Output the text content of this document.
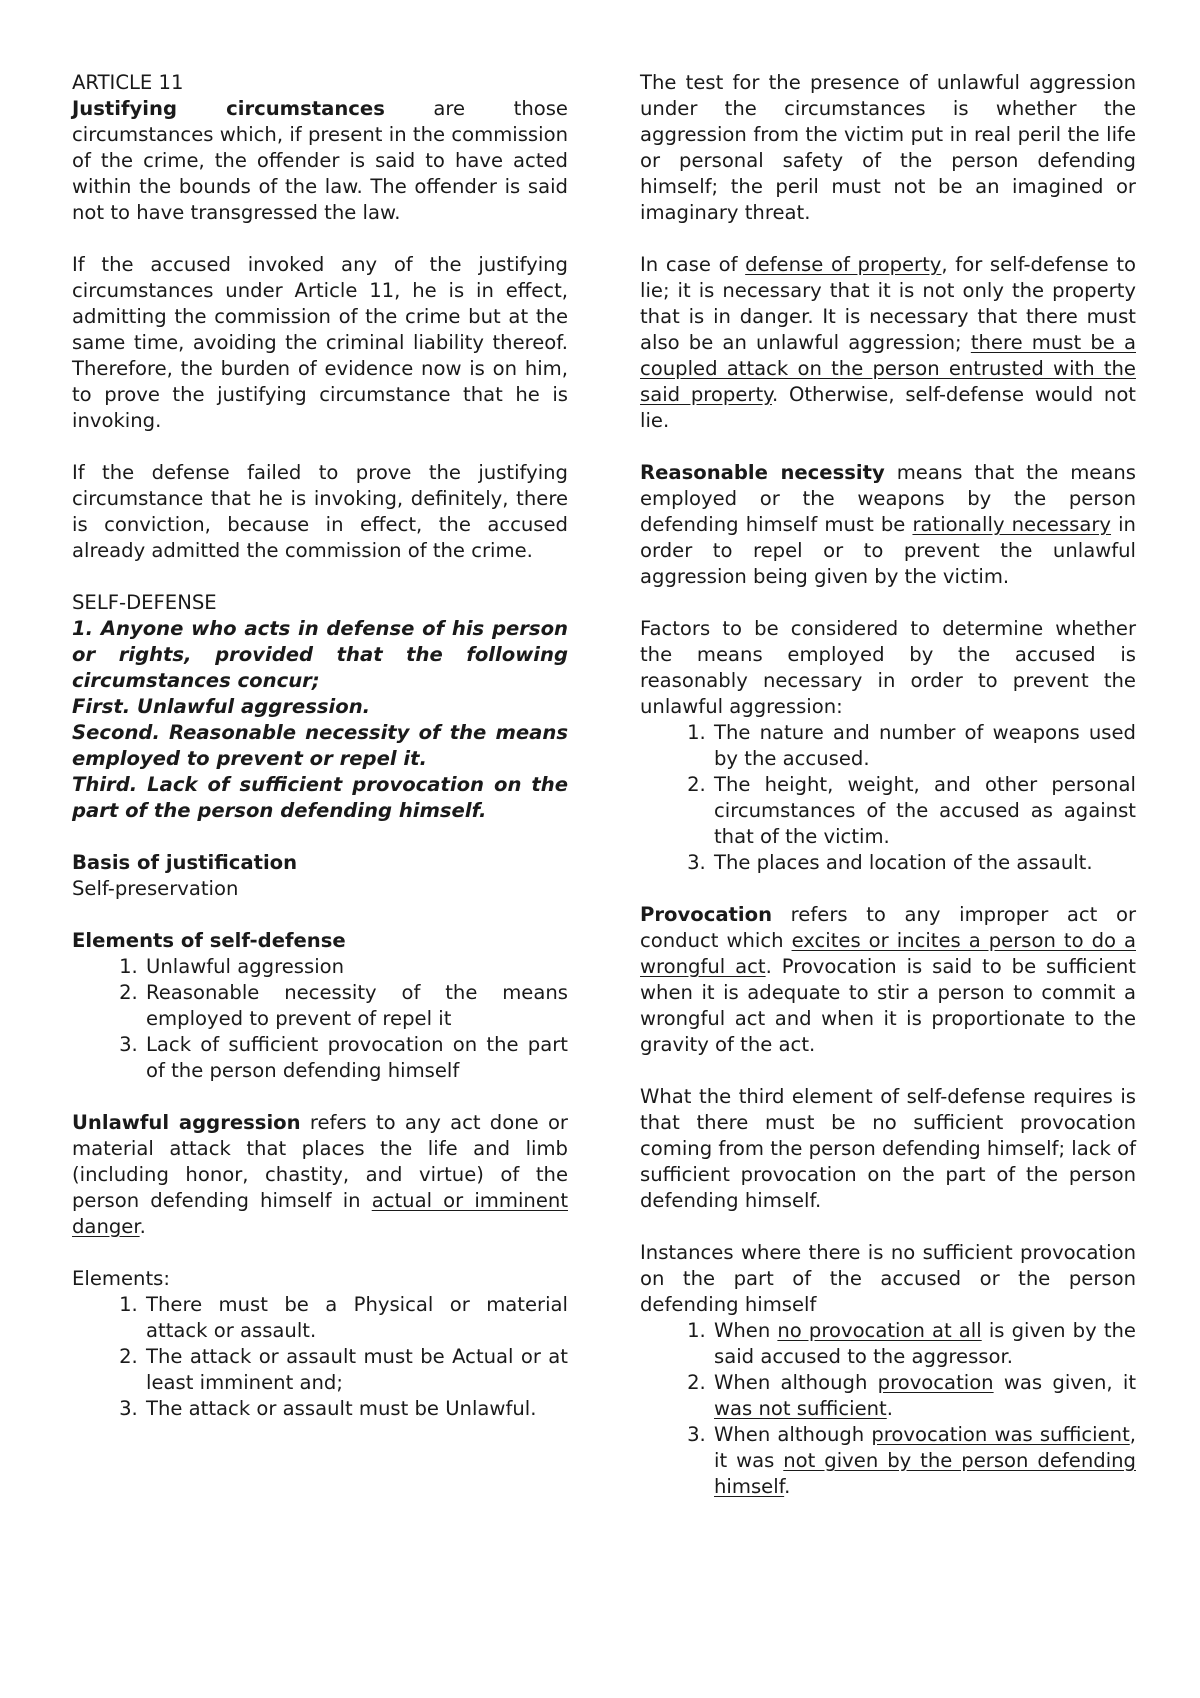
ARTICLE 11

Justifying circumstances are those circumstances which, if present in the commission of the crime, the offender is said to have acted within the bounds of the law. The offender is said not to have transgressed the law.

If the accused invoked any of the justifying circumstances under Article 11, he is in effect, admitting the commission of the crime but at the same time, avoiding the criminal liability thereof. Therefore, the burden of evidence now is on him, to prove the justifying circumstance that he is invoking.

If the defense failed to prove the justifying circumstance that he is invoking, definitely, there is conviction, because in effect, the accused already admitted the commission of the crime.

SELF-DEFENSE

1. Anyone who acts in defense of his person or rights, provided that the following circumstances concur;

First. Unlawful aggression.

Second. Reasonable necessity of the means employed to prevent or repel it.

Third. Lack of sufficient provocation on the part of the person defending himself.

Basis of justification

Self-preservation

Elements of self-defense

1. Unlawful aggression
2. Reasonable necessity of the means employed to prevent of repel it
3. Lack of sufficient provocation on the part of the person defending himself

Unlawful aggression refers to any act done or material attack that places the life and limb (including honor, chastity, and virtue) of the person defending himself in actual or imminent danger.

Elements:

1. There must be a Physical or material attack or assault.
2. The attack or assault must be Actual or at least imminent and;
3. The attack or assault must be Unlawful.

The test for the presence of unlawful aggression under the circumstances is whether the aggression from the victim put in real peril the life or personal safety of the person defending himself; the peril must not be an imagined or imaginary threat.

In case of defense of property, for self-defense to lie; it is necessary that it is not only the property that is in danger. It is necessary that there must also be an unlawful aggression; there must be a coupled attack on the person entrusted with the said property. Otherwise, self-defense would not lie.

Reasonable necessity means that the means employed or the weapons by the person defending himself must be rationally necessary in order to repel or to prevent the unlawful aggression being given by the victim.

Factors to be considered to determine whether the means employed by the accused is reasonably necessary in order to prevent the unlawful aggression:

1. The nature and number of weapons used by the accused.
2. The height, weight, and other personal circumstances of the accused as against that of the victim.
3. The places and location of the assault.

Provocation refers to any improper act or conduct which excites or incites a person to do a wrongful act. Provocation is said to be sufficient when it is adequate to stir a person to commit a wrongful act and when it is proportionate to the gravity of the act.

What the third element of self-defense requires is that there must be no sufficient provocation coming from the person defending himself; lack of sufficient provocation on the part of the person defending himself.

Instances where there is no sufficient provocation on the part of the accused or the person defending himself

1. When no provocation at all is given by the said accused to the aggressor.
2. When although provocation was given, it was not sufficient.
3. When although provocation was sufficient, it was not given by the person defending himself.
